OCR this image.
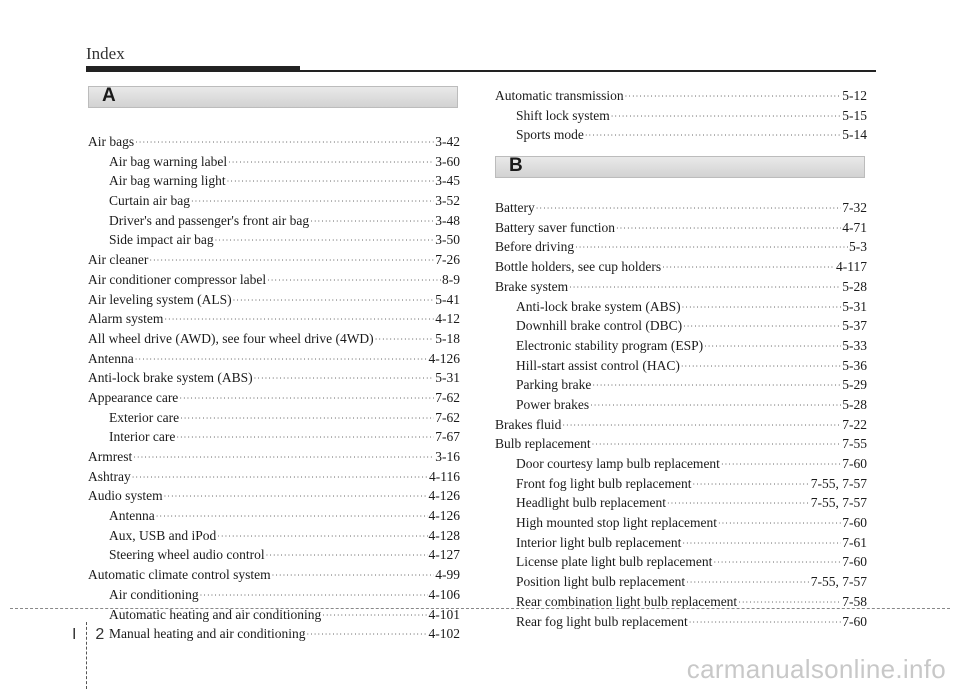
Index
A
Air bags ·····	3-42
Air bag warning label ·····	3-60
Air bag warning light ·····	3-45
Curtain air bag ·····	3-52
Driver's and passenger's front air bag ·····	3-48
Side impact air bag ·····	3-50
Air cleaner ·····	7-26
Air conditioner compressor label ·····	8-9
Air leveling system (ALS) ·····	5-41
Alarm system ·····	4-12
All wheel drive (AWD), see four wheel drive (4WD) ·····	5-18
Antenna ·····	4-126
Anti-lock brake system (ABS) ·····	5-31
Appearance care ·····	7-62
Exterior care ·····	7-62
Interior care ·····	7-67
Armrest ·····	3-16
Ashtray ·····	4-116
Audio system ·····	4-126
Antenna ·····	4-126
Aux, USB and iPod ·····	4-128
Steering wheel audio control ·····	4-127
Automatic climate control system ·····	4-99
Air conditioning ·····	4-106
Automatic heating and air conditioning ·····	4-101
Manual heating and air conditioning ·····	4-102
Automatic transmission ·····	5-12
Shift lock system ·····	5-15
Sports mode ·····	5-14
B
Battery ·····	7-32
Battery saver function ·····	4-71
Before driving ·····	5-3
Bottle holders, see cup holders ·····	4-117
Brake system ·····	5-28
Anti-lock brake system (ABS) ·····	5-31
Downhill brake control (DBC) ·····	5-37
Electronic stability program (ESP) ·····	5-33
Hill-start assist control (HAC) ·····	5-36
Parking brake ·····	5-29
Power brakes ·····	5-28
Brakes fluid ·····	7-22
Bulb replacement ·····	7-55
Door courtesy lamp bulb replacement ·····	7-60
Front fog light bulb replacement ·····	7-55, 7-57
Headlight bulb replacement ·····	7-55, 7-57
High mounted stop light replacement ·····	7-60
Interior light bulb replacement ·····	7-61
License plate light bulb replacement ·····	7-60
Position light bulb replacement ·····	7-55, 7-57
Rear combination light bulb replacement ·····	7-58
Rear fog light bulb replacement ·····	7-60
I 2
carmanualsonline.info
